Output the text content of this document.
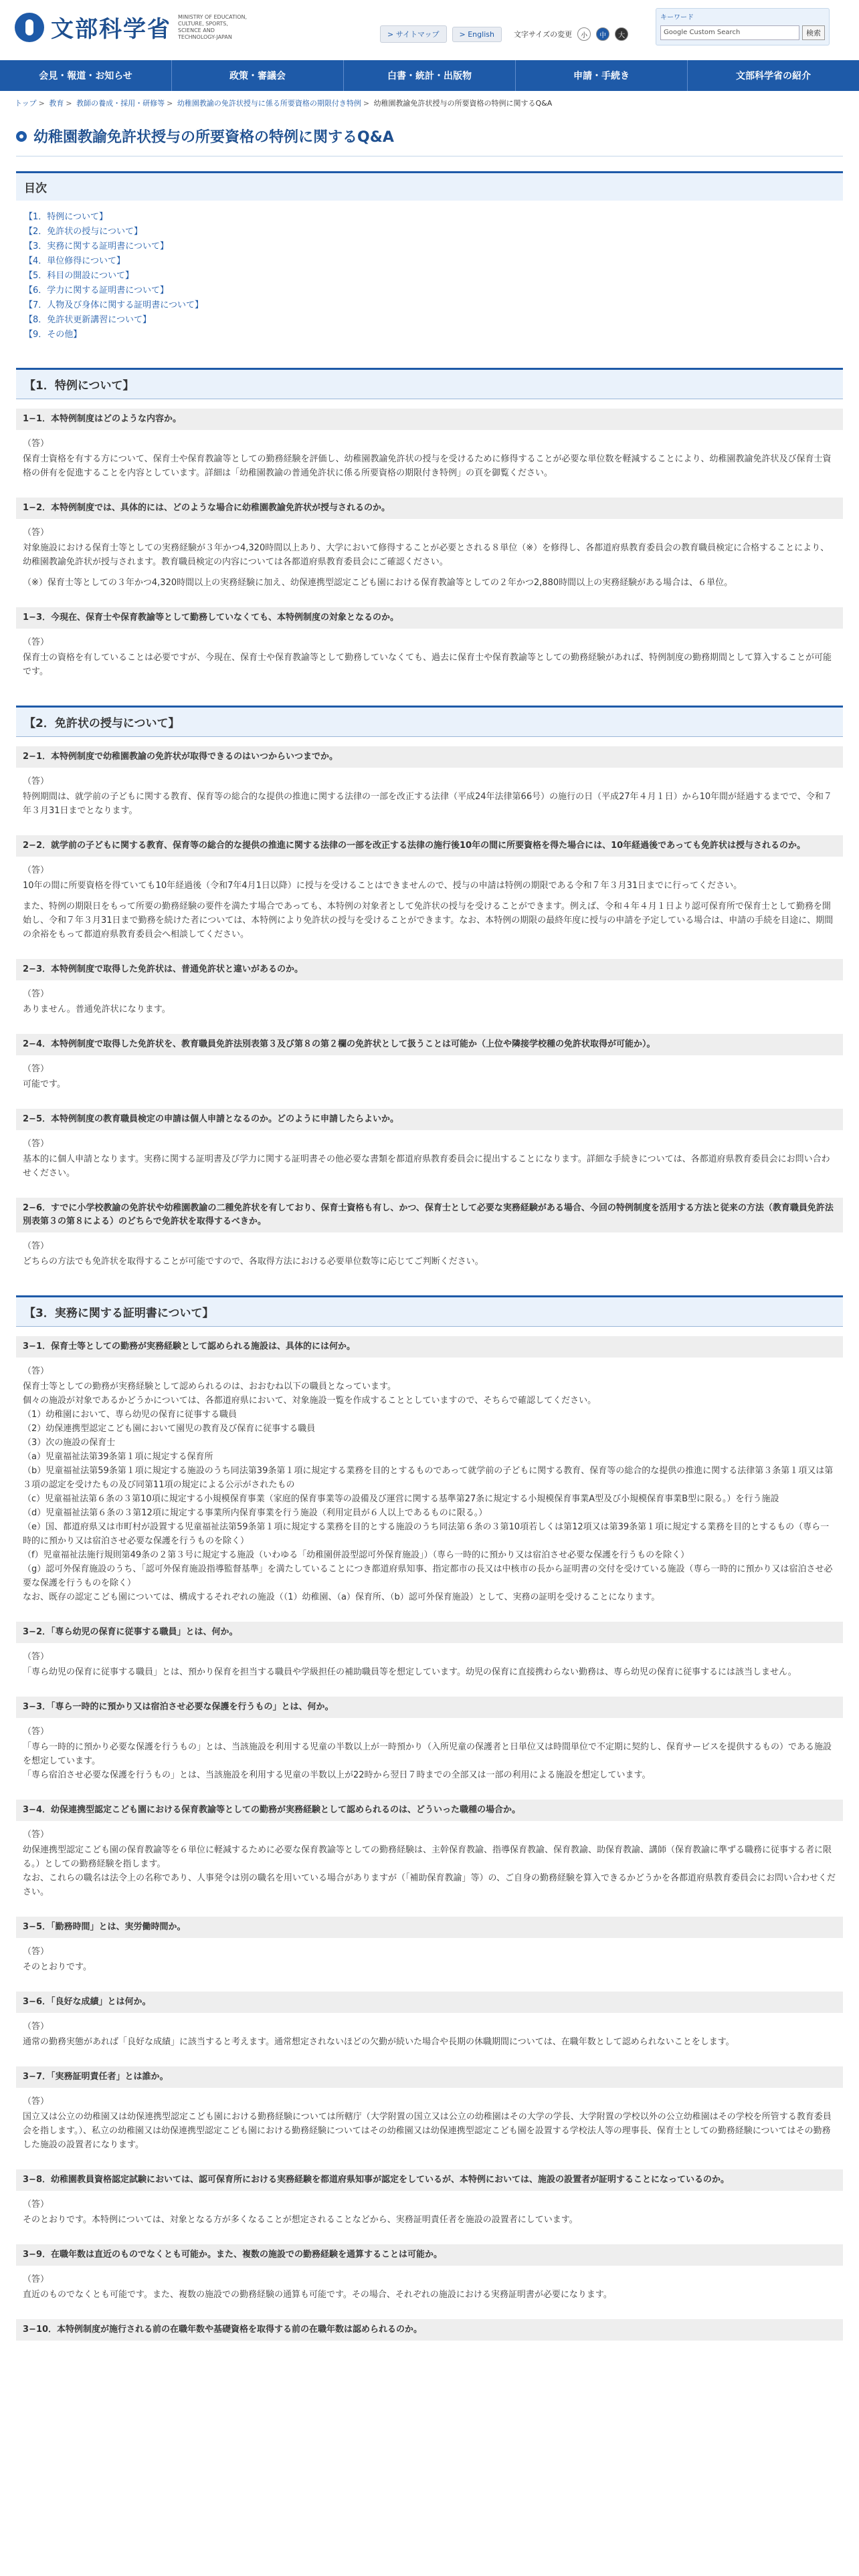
文部科学省 MINISTRY OF EDUCATION, CULTURE, SPORTS, SCIENCE AND TECHNOLOGY-JAPAN	> サイトマップ	> English	文字サイズの変更	小	中	大
キーワード
Google Custom Search	検索
会見・報道・お知らせ	政策・審議会	白書・統計・出版物	申請・手続き	文部科学省の紹介
トップ > 教育 > 教師の養成・採用・研修等 > 幼稚園教諭の免許状授与に係る所要資格の期限付き特例 > 幼稚園教諭免許状授与の所要資格の特例に関するQ&A
幼稚園教諭免許状授与の所要資格の特例に関するQ&A
目次
【1．特例について】
【2．免許状の授与について】
【3．実務に関する証明書について】
【4．単位修得について】
【5．科目の開設について】
【6．学力に関する証明書について】
【7．人物及び身体に関する証明書について】
【8．免許状更新講習について】
【9．その他】
【1．特例について】
1−1．本特例制度はどのような内容か。

（答）

保育士資格を有する方について、保育士や保育教諭等としての勤務経験を評価し、幼稚園教諭免許状の授与を受けるために修得することが必要な単位数を軽減することにより、幼稚園教諭免許状及び保育士資格の併有を促進することを内容としています。詳細は「幼稚園教諭の普通免許状に係る所要資格の期限付き特例」の頁を御覧ください。

1−2．本特例制度では、具体的には、どのような場合に幼稚園教諭免許状が授与されるのか。

（答）

対象施設における保育士等としての実務経験が３年かつ4,320時間以上あり、大学において修得することが必要とされる８単位（※）を修得し、各都道府県教育委員会の教育職員検定に合格することにより、幼稚園教諭免許状が授与されます。教育職員検定の内容については各都道府県教育委員会にご確認ください。

（※）保育士等としての３年かつ4,320時間以上の実務経験に加え、幼保連携型認定こども園における保育教諭等としての２年かつ2,880時間以上の実務経験がある場合は、６単位。

1−3．今現在、保育士や保育教諭等として勤務していなくても、本特例制度の対象となるのか。

（答）

保育士の資格を有していることは必要ですが、今現在、保育士や保育教諭等として勤務していなくても、過去に保育士や保育教諭等としての勤務経験があれば、特例制度の勤務期間として算入することが可能です。

【2．免許状の授与について】
2−1．本特例制度で幼稚園教諭の免許状が取得できるのはいつからいつまでか。

（答）

特例期間は、就学前の子どもに関する教育、保育等の総合的な提供の推進に関する法律の一部を改正する法律（平成24年法律第66号）の施行の日（平成27年４月１日）から10年間が経過するまでで、令和７年３月31日までとなります。

2−2．就学前の子どもに関する教育、保育等の総合的な提供の推進に関する法律の一部を改正する法律の施行後10年の間に所要資格を得た場合には、10年経過後であっても免許状は授与されるのか。

（答）

10年の間に所要資格を得ていても10年経過後（令和7年4月1日以降）に授与を受けることはできませんので、授与の申請は特例の期限である令和７年３月31日までに行ってください。

また、特例の期限日をもって所要の勤務経験の要件を満たす場合であっても、本特例の対象者として免許状の授与を受けることができます。例えば、令和４年４月１日より認可保育所で保育士として勤務を開始し、令和７年３月31日まで勤務を続けた者については、本特例により免許状の授与を受けることができます。なお、本特例の期限の最終年度に授与の申請を予定している場合は、申請の手続を目途に、期間の余裕をもって都道府県教育委員会へ相談してください。

2−3．本特例制度で取得した免許状は、普通免許状と違いがあるのか。

（答）

ありません。普通免許状になります。

2−4．本特例制度で取得した免許状を、教育職員免許法別表第３及び第８の第２欄の免許状として扱うことは可能か（上位や隣接学校種の免許状取得が可能か）。

（答）

可能です。

2−5．本特例制度の教育職員検定の申請は個人申請となるのか。どのように申請したらよいか。

（答）

基本的に個人申請となります。実務に関する証明書及び学力に関する証明書その他必要な書類を都道府県教育委員会に提出することになります。詳細な手続きについては、各都道府県教育委員会にお問い合わせください。

2−6．すでに小学校教諭の免許状や幼稚園教諭の二種免許状を有しており、保育士資格も有し、かつ、保育士として必要な実務経験がある場合、今回の特例制度を活用する方法と従来の方法（教育職員免許法別表第３の第８による）のどちらで免許状を取得するべきか。

（答）

どちらの方法でも免許状を取得することが可能ですので、各取得方法における必要単位数等に応じてご判断ください。

【3．実務に関する証明書について】
3−1．保育士等としての勤務が実務経験として認められる施設は、具体的には何か。
（答）
保育士等としての勤務が実務経験として認められるのは、おおむね以下の職員となっています。
個々の施設が対象であるかどうかについては、各都道府県において、対象施設一覧を作成することとしていますので、そちらで確認してください。
（1）幼稚園において、専ら幼児の保育に従事する職員
（2）幼保連携型認定こども園において園児の教育及び保育に従事する職員
（3）次の施設の保育士
（a）児童福祉法第39条第１項に規定する保育所
（b）児童福祉法第59条第１項に規定する施設のうち同法第39条第１項に規定する業務を目的とするものであって就学前の子どもに関する教育、保育等の総合的な提供の推進に関する法律第３条第１項又は第３項の認定を受けたもの及び同第11項の規定による公示がされたもの
（c）児童福祉法第６条の３第10項に規定する小規模保育事業（家庭的保育事業等の設備及び運営に関する基準第27条に規定する小規模保育事業A型及び小規模保育事業B型に限る。）を行う施設
（d）児童福祉法第６条の３第12項に規定する事業所内保育事業を行う施設（利用定員が６人以上であるものに限る。）
（e）国、都道府県又は市町村が設置する児童福祉法第59条第１項に規定する業務を目的とする施設のうち同法第６条の３第10項若しくは第12項又は第39条第１項に規定する業務を目的とするもの（専ら一時的に預かり又は宿泊させ必要な保護を行うものを除く）
（f）児童福祉法施行規則第49条の２第３号に規定する施設（いわゆる「幼稚園併設型認可外保育施設」）（専ら一時的に預かり又は宿泊させ必要な保護を行うものを除く）
（g）認可外保育施設のうち、「認可外保育施設指導監督基準」を満たしていることにつき都道府県知事、指定都市の長又は中核市の長から証明書の交付を受けている施設（専ら一時的に預かり又は宿泊させ必要な保護を行うものを除く）

なお、既存の認定こども園については、構成するそれぞれの施設（（1）幼稚園、（a）保育所、（b）認可外保育施設）として、実務の証明を受けることになります。

3−2．「専ら幼児の保育に従事する職員」とは、何か。

（答）

「専ら幼児の保育に従事する職員」とは、預かり保育を担当する職員や学級担任の補助職員等を想定しています。幼児の保育に直接携わらない勤務は、専ら幼児の保育に従事するには該当しません。

3−3．「専ら一時的に預かり又は宿泊させ必要な保護を行うもの」とは、何か。

（答）

「専ら一時的に預かり必要な保護を行うもの」とは、当該施設を利用する児童の半数以上が一時預かり（入所児童の保護者と日単位又は時間単位で不定期に契約し、保育サービスを提供するもの）である施設を想定しています。

「専ら宿泊させ必要な保護を行うもの」とは、当該施設を利用する児童の半数以上が22時から翌日７時までの全部又は一部の利用による施設を想定しています。

3−4．幼保連携型認定こども園における保育教諭等としての勤務が実務経験として認められるのは、どういった職種の場合か。

（答）

幼保連携型認定こども園の保育教諭等を６単位に軽減するために必要な保育教諭等としての勤務経験は、主幹保育教諭、指導保育教諭、保育教諭、助保育教諭、講師（保育教諭に準ずる職務に従事する者に限る。）としての勤務経験を指します。

なお、これらの職名は法令上の名称であり、人事発令は別の職名を用いている場合がありますが（「補助保育教諭」等）の、ご自身の勤務経験を算入できるかどうかを各都道府県教育委員会にお問い合わせください。

3−5．「勤務時間」とは、実労働時間か。

（答）

そのとおりです。

3−6．「良好な成績」とは何か。

（答）

通常の勤務実態があれば「良好な成績」に該当すると考えます。通常想定されないほどの欠勤が続いた場合や長期の休職期間については、在職年数として認められないことをします。

3−7．「実務証明責任者」とは誰か。

（答）

国立又は公立の幼稚園又は幼保連携型認定こども園における勤務経験については所轄庁（大学附置の国立又は公立の幼稚園はその大学の学長、大学附置の学校以外の公立幼稚園はその学校を所管する教育委員会を指します。）、私立の幼稚園又は幼保連携型認定こども園における勤務経験についてはその幼稚園又は幼保連携型認定こども園を設置する学校法人等の理事長、保育士としての勤務経験についてはその勤務した施設の設置者になります。

3−8．幼稚園教員資格認定試験においては、認可保育所における実務経験を都道府県知事が認定をしているが、本特例においては、施設の設置者が証明することになっているのか。

（答）

そのとおりです。本特例については、対象となる方が多くなることが想定されることなどから、実務証明責任者を施設の設置者にしています。

3−9．在職年数は直近のものでなくとも可能か。また、複数の施設での勤務経験を通算することは可能か。

（答）

直近のものでなくとも可能です。また、複数の施設での勤務経験の通算も可能です。その場合、それぞれの施設における実務証明書が必要になります。

3−10．本特例制度が施行される前の在職年数や基礎資格を取得する前の在職年数は認められるのか。
